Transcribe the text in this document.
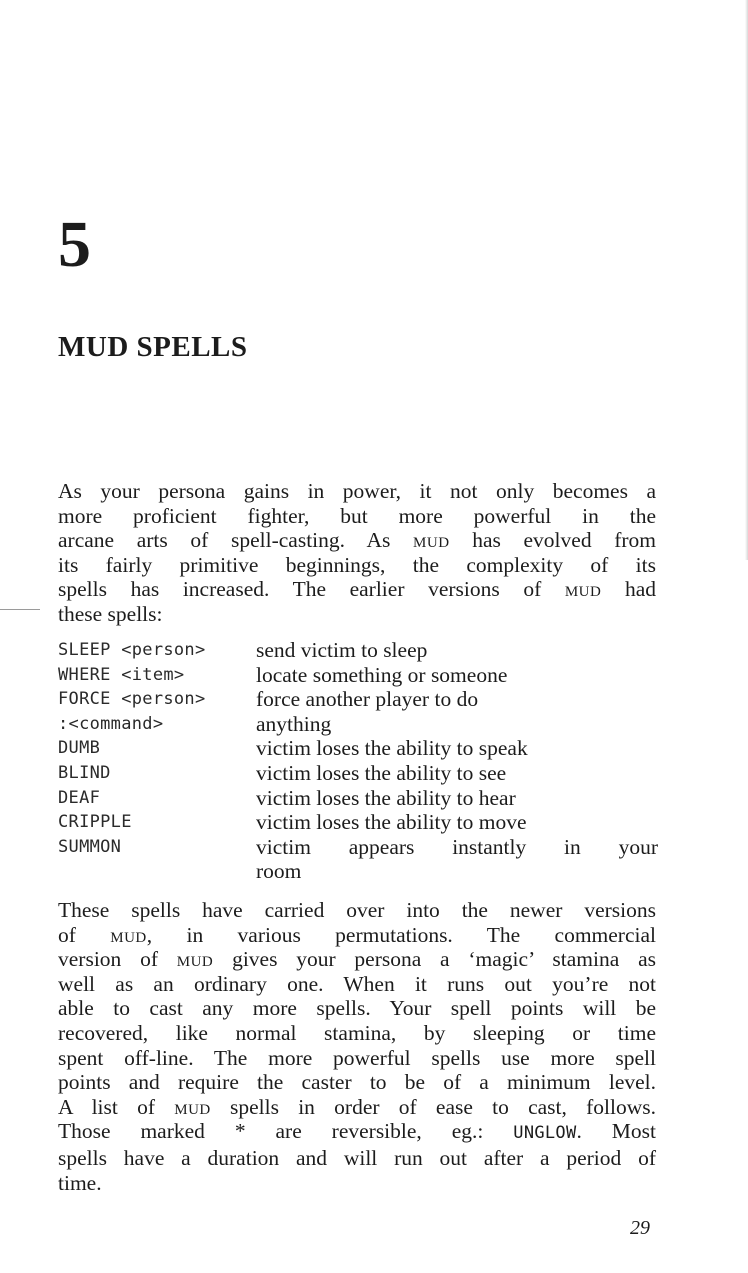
5
MUD SPELLS
As your persona gains in power, it not only becomes a
more proficient fighter, but more powerful in the
arcane arts of spell-casting. As mud has evolved from
its fairly primitive beginnings, the complexity of its
spells has increased. The earlier versions of mud had
these spells:
SLEEP <person>	send victim to sleep
WHERE <item>	locate something or someone
FORCE <person>	force another player to do
:<command>	anything
DUMB	victim loses the ability to speak
BLIND	victim loses the ability to see
DEAF	victim loses the ability to hear
CRIPPLE	victim loses the ability to move
SUMMON	victim appears instantly in your
	room
These spells have carried over into the newer versions
of mud, in various permutations. The commercial
version of mud gives your persona a ‘magic’ stamina as
well as an ordinary one. When it runs out you’re not
able to cast any more spells. Your spell points will be
recovered, like normal stamina, by sleeping or time
spent off-line. The more powerful spells use more spell
points and require the caster to be of a minimum level.
A list of mud spells in order of ease to cast, follows.
Those marked * are reversible, eg.: UNGLOW. Most
spells have a duration and will run out after a period of
time.
29
